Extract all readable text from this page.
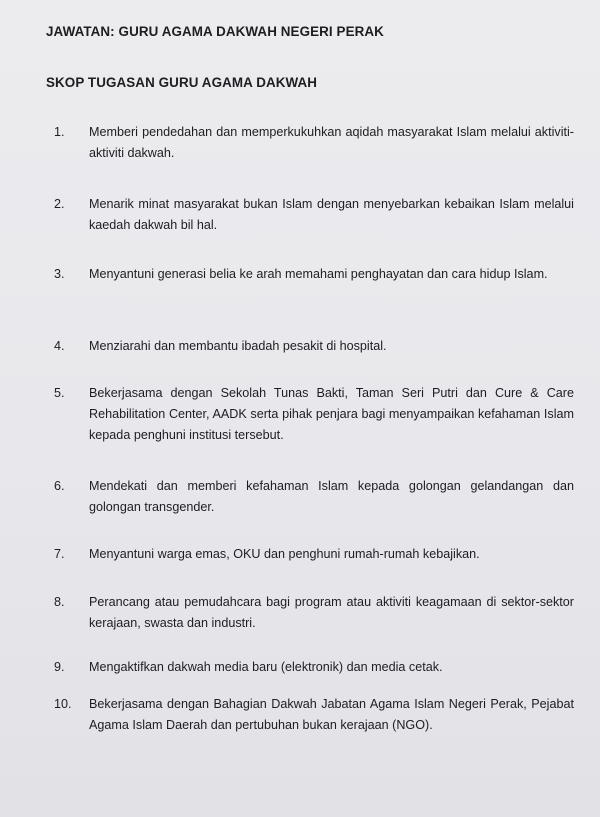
JAWATAN: GURU AGAMA DAKWAH NEGERI PERAK
SKOP TUGASAN GURU AGAMA DAKWAH
1.	Memberi pendedahan dan memperkukuhkan aqidah masyarakat Islam melalui aktiviti-aktiviti dakwah.
2.	Menarik minat masyarakat bukan Islam dengan menyebarkan kebaikan Islam melalui kaedah dakwah bil hal.
3.	Menyantuni generasi belia ke arah memahami penghayatan dan cara hidup Islam.
4.	Menziarahi dan membantu ibadah pesakit di hospital.
5.	Bekerjasama dengan Sekolah Tunas Bakti, Taman Seri Putri dan Cure & Care Rehabilitation Center, AADK serta pihak penjara bagi menyampaikan kefahaman Islam kepada penghuni institusi tersebut.
6.	Mendekati dan memberi kefahaman Islam kepada golongan gelandangan dan golongan transgender.
7.	Menyantuni warga emas, OKU dan penghuni rumah-rumah kebajikan.
8.	Perancang atau pemudahcara bagi program atau aktiviti keagamaan di sektor-sektor kerajaan, swasta dan industri.
9.	Mengaktifkan dakwah media baru (elektronik) dan media cetak.
10.	Bekerjasama dengan Bahagian Dakwah Jabatan Agama Islam Negeri Perak, Pejabat Agama Islam Daerah dan pertubuhan bukan kerajaan (NGO).
